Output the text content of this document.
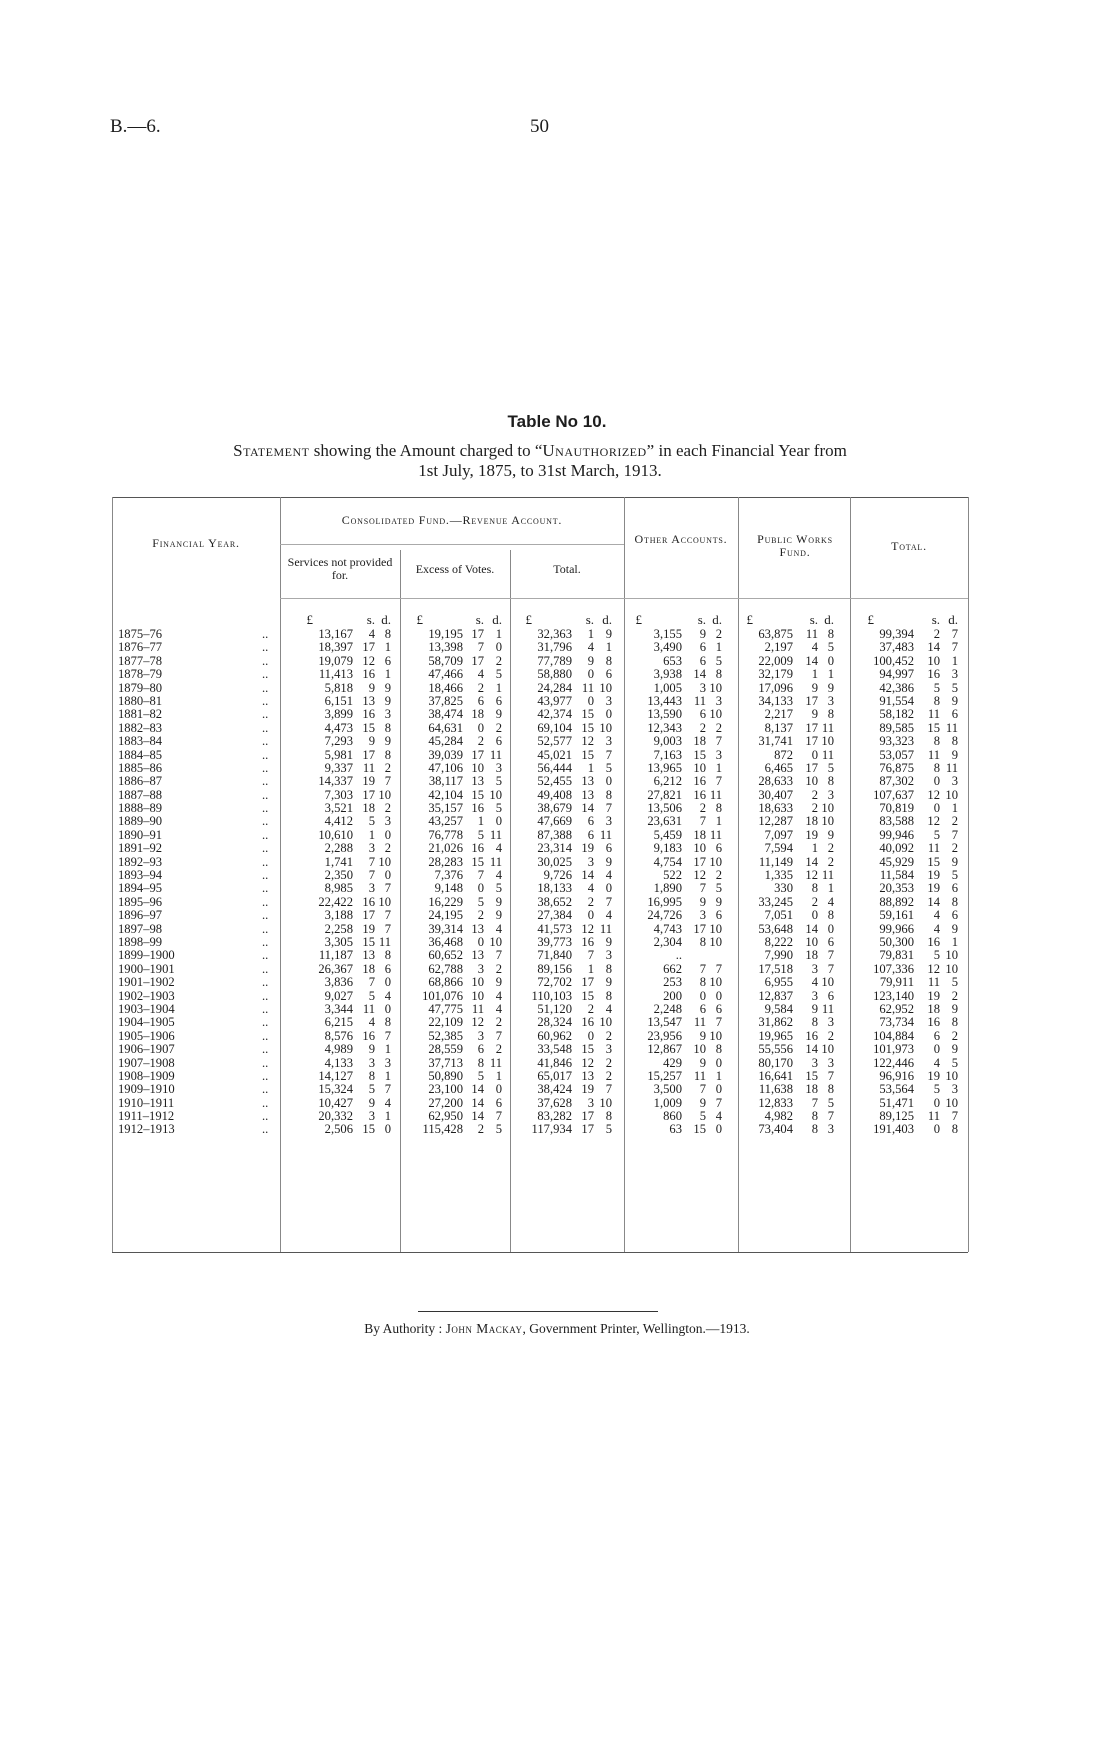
B.—6.	50
Table No 10.
Statement showing the Amount charged to “Unauthorized” in each Financial Year from
1st July, 1875, to 31st March, 1913.
Financial Year.
Consolidated Fund.—Revenue Account.
Services not provided for.	Excess of Votes.	Total.
Other Accounts.	Public Works Fund.	Total.
£	s. d.	£	s. d.	£	s. d.	£	s. d.	£	s. d.	£	s. d.
1875–76	..	13,167	4 8	19,195 17 1	32,363	1 9	3,155	9 2	63,875	11 8	99,394	2 7
1876–77	..	18,397 17 1	13,398	7 0	31,796	4 1	3,490	6 1	2,197	4 5	37,483	14 7
1877–78	..	19,079 12 6	58,709 17 2	77,789	9 8	653	6 5	22,009 14 0	100,452	10 1
1878–79	..	11,413 16 1	47,466	4 5	58,880	0 6	3,938 14 8	32,179	1 1	94,997	16 3
1879–80	..	5,818	9 9	18,466	2 1	24,284 11 10	1,005	3 10	17,096	9 9	42,386	5 5
1880–81	..	6,151 13 9	37,825	6 6	43,977	0 3	13,443 11 3	34,133 17 3	91,554	8 9
1881–82	..	3,899 16 3	38,474 18 9	42,374 15 0	13,590	6 10	2,217	9 8	58,182	11 6
1882–83	..	4,473 15 8	64,631	0 2	69,104 15 10	12,343	2 2	8,137 17 11	89,585	15 11
1883–84	..	7,293	9 9	45,284	2 6	52,577 12 3	9,003 18 7	31,741 17 10	93,323	8 8
1884–85	..	5,981 17 8	39,039 17 11	45,021 15 7	7,163 15 3	872	0 11	53,057	11 9
1885–86	..	9,337 11 2	47,106 10 3	56,444	1 5	13,965 10 1	6,465 17 5	76,875	8 11
1886–87	..	14,337 19 7	38,117 13 5	52,455 13 0	6,212 16 7	28,633 10 8	87,302	0 3
1887–88	..	7,303 17 10	42,104 15 10	49,408 13 8	27,821 16 11	30,407	2 3	107,637	12 10
1888–89	..	3,521 18 2	35,157 16 5	38,679 14 7	13,506	2 8	18,633	2 10	70,819	0 1
1889–90	..	4,412	5 3	43,257	1 0	47,669	6 3	23,631	7 1	12,287 18 10	83,588	12 2
1890–91	..	10,610	1 0	76,778	5 11	87,388	6 11	5,459 18 11	7,097 19 9	99,946	5 7
1891–92	..	2,288	3 2	21,026 16 4	23,314 19 6	9,183 10 6	7,594	1 2	40,092	11 2
1892–93	..	1,741	7 10	28,283 15 11	30,025	3 9	4,754 17 10	11,149 14 2	45,929	15 9
1893–94	..	2,350	7 0	7,376	7 4	9,726 14 4	522 12 2	1,335 12 11	11,584	19 5
1894–95	..	8,985	3 7	9,148	0 5	18,133	4 0	1,890	7 5	330	8 1	20,353	19 6
1895–96	..	22,422 16 10	16,229	5 9	38,652	2 7	16,995	9 9	33,245	2 4	88,892	14 8
1896–97	..	3,188 17 7	24,195	2 9	27,384	0 4	24,726	3 6	7,051	0 8	59,161	4 6
1897–98	..	2,258 19 7	39,314 13 4	41,573 12 11	4,743 17 10	53,648 14 0	99,966	4 9
1898–99	..	3,305 15 11	36,468	0 10	39,773 16 9	2,304	8 10	8,222 10 6	50,300	16 1
1899–1900	..	11,187 13 8	60,652 13 7	71,840	7 3	..	7,990 18 7	79,831	5 10
1900–1901	..	26,367 18 6	62,788	3 2	89,156	1 8	662	7 7	17,518	3 7	107,336	12 10
1901–1902	..	3,836	7 0	68,866 10 9	72,702 17 9	253	8 10	6,955	4 10	79,911	11 5
1902–1903	..	9,027	5 4	101,076 10 4	110,103 15 8	200	0 0	12,837	3 6	123,140	19 2
1903–1904	..	3,344 11 0	47,775 11 4	51,120	2 4	2,248	6 6	9,584	9 11	62,952	18 9
1904–1905	..	6,215	4 8	22,109 12 2	28,324 16 10	13,547 11 7	31,862	8 3	73,734	16 8
1905–1906	..	8,576 16 7	52,385	3 7	60,962	0 2	23,956	9 10	19,965 16 2	104,884	6 2
1906–1907	..	4,989	9 1	28,559	6 2	33,548 15 3	12,867 10 8	55,556 14 10	101,973	0 9
1907–1908	..	4,133	3 3	37,713	8 11	41,846 12 2	429	9 0	80,170	3 3	122,446	4 5
1908–1909	..	14,127	8 1	50,890	5 1	65,017 13 2	15,257 11 1	16,641 15 7	96,916	19 10
1909–1910	..	15,324	5 7	23,100 14 0	38,424 19 7	3,500	7 0	11,638 18 8	53,564	5 3
1910–1911	..	10,427	9 4	27,200 14 6	37,628	3 10	1,009	9 7	12,833	7 5	51,471	0 10
1911–1912	..	20,332	3 1	62,950 14 7	83,282 17 8	860	5 4	4,982	8 7	89,125	11 7
1912–1913	..	2,506 15 0	115,428	2 5	117,934 17 5	63 15 0	73,404	8 3	191,403	0 8
By Authority : John Mackay, Government Printer, Wellington.—1913.
